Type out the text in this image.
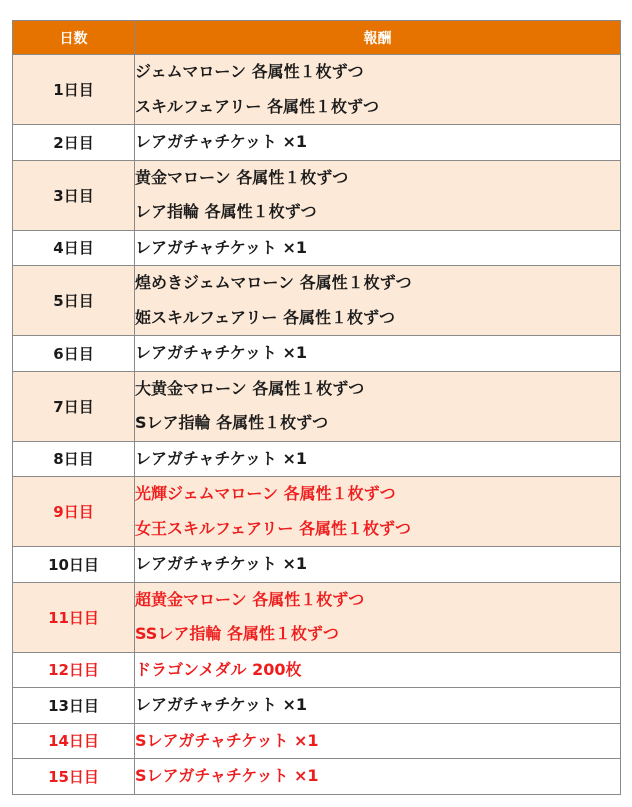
日数	報酬
1日目	ジェムマローン 各属性１枚ずつ
スキルフェアリー 各属性１枚ずつ

2日目	レアガチャチケット ×1

3日目	黄金マローン 各属性１枚ずつ
レア指輪 各属性１枚ずつ

4日目	レアガチャチケット ×1

5日目	煌めきジェムマローン 各属性１枚ずつ
姫スキルフェアリー 各属性１枚ずつ

6日目	レアガチャチケット ×1

7日目	大黄金マローン 各属性１枚ずつ
Sレア指輪 各属性１枚ずつ

8日目	レアガチャチケット ×1

9日目	光輝ジェムマローン 各属性１枚ずつ
女王スキルフェアリー 各属性１枚ずつ

10日目	レアガチャチケット ×1

11日目	超黄金マローン 各属性１枚ずつ
SSレア指輪 各属性１枚ずつ

12日目	ドラゴンメダル 200枚

13日目	レアガチャチケット ×1

14日目	Sレアガチャチケット ×1

15日目	Sレアガチャチケット ×1
